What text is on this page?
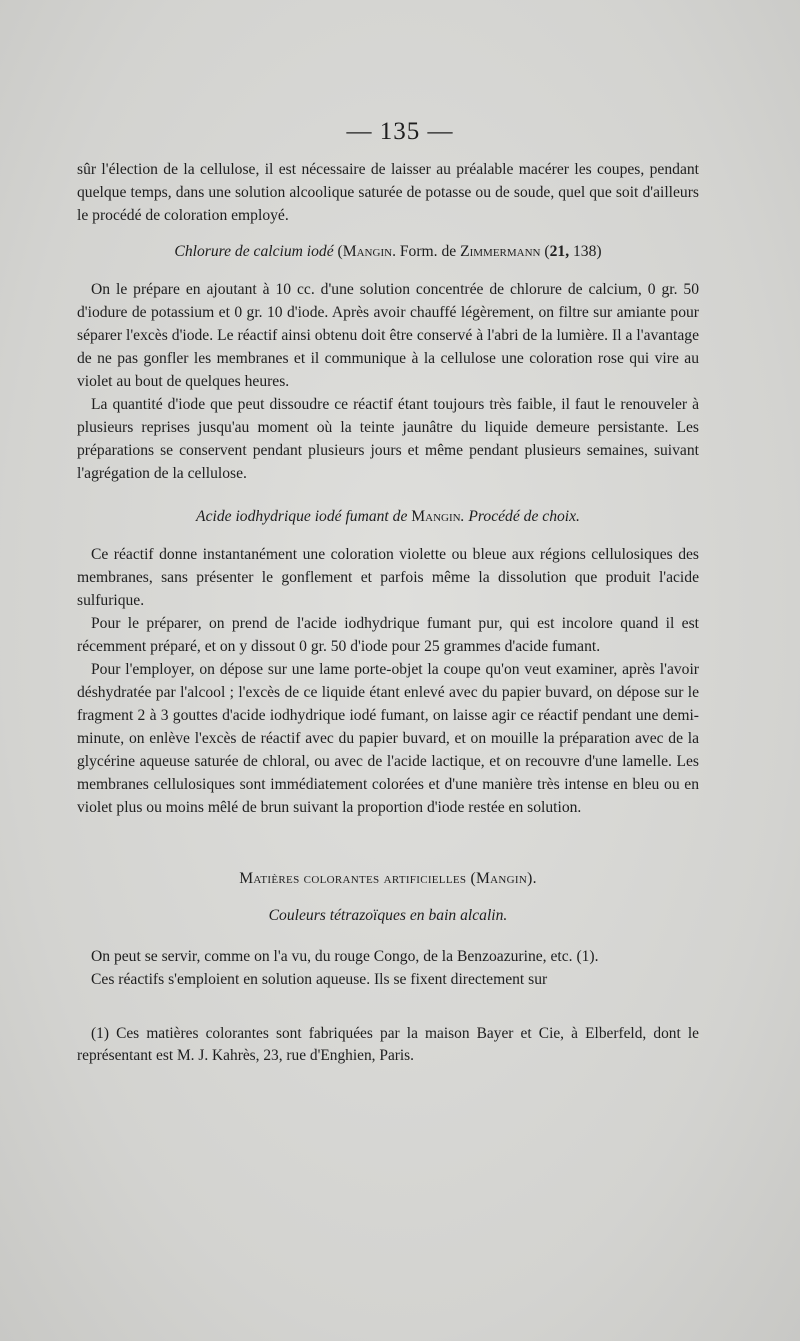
— 135 —

sûr l'élection de la cellulose, il est nécessaire de laisser au préalable macérer les coupes, pendant quelque temps, dans une solution alcoolique saturée de potasse ou de soude, quel que soit d'ailleurs le procédé de coloration employé.

Chlorure de calcium iodé (Mangin. Form. de Zimmermann (21, 138)

On le prépare en ajoutant à 10 cc. d'une solution concentrée de chlorure de calcium, 0 gr. 50 d'iodure de potassium et 0 gr. 10 d'iode. Après avoir chauffé légèrement, on filtre sur amiante pour séparer l'excès d'iode. Le réactif ainsi obtenu doit être conservé à l'abri de la lumière. Il a l'avantage de ne pas gonfler les membranes et il communique à la cellulose une coloration rose qui vire au violet au bout de quelques heures.

La quantité d'iode que peut dissoudre ce réactif étant toujours très faible, il faut le renouveler à plusieurs reprises jusqu'au moment où la teinte jaunâtre du liquide demeure persistante. Les préparations se conservent pendant plusieurs jours et même pendant plusieurs semaines, suivant l'agrégation de la cellulose.

Acide iodhydrique iodé fumant de Mangin. Procédé de choix.

Ce réactif donne instantanément une coloration violette ou bleue aux régions cellulosiques des membranes, sans présenter le gonflement et parfois même la dissolution que produit l'acide sulfurique.

Pour le préparer, on prend de l'acide iodhydrique fumant pur, qui est incolore quand il est récemment préparé, et on y dissout 0 gr. 50 d'iode pour 25 grammes d'acide fumant.

Pour l'employer, on dépose sur une lame porte-objet la coupe qu'on veut examiner, après l'avoir déshydratée par l'alcool ; l'excès de ce liquide étant enlevé avec du papier buvard, on dépose sur le fragment 2 à 3 gouttes d'acide iodhydrique iodé fumant, on laisse agir ce réactif pendant une demi-minute, on enlève l'excès de réactif avec du papier buvard, et on mouille la préparation avec de la glycérine aqueuse saturée de chloral, ou avec de l'acide lactique, et on recouvre d'une lamelle. Les membranes cellulosiques sont immédiatement colorées et d'une manière très intense en bleu ou en violet plus ou moins mêlé de brun suivant la proportion d'iode restée en solution.

Matières colorantes artificielles (Mangin).
Couleurs tétrazoïques en bain alcalin.

On peut se servir, comme on l'a vu, du rouge Congo, de la Benzoazurine, etc. (1).

Ces réactifs s'emploient en solution aqueuse. Ils se fixent directement sur

(1) Ces matières colorantes sont fabriquées par la maison Bayer et Cie, à Elberfeld, dont le représentant est M. J. Kahrès, 23, rue d'Enghien, Paris.
